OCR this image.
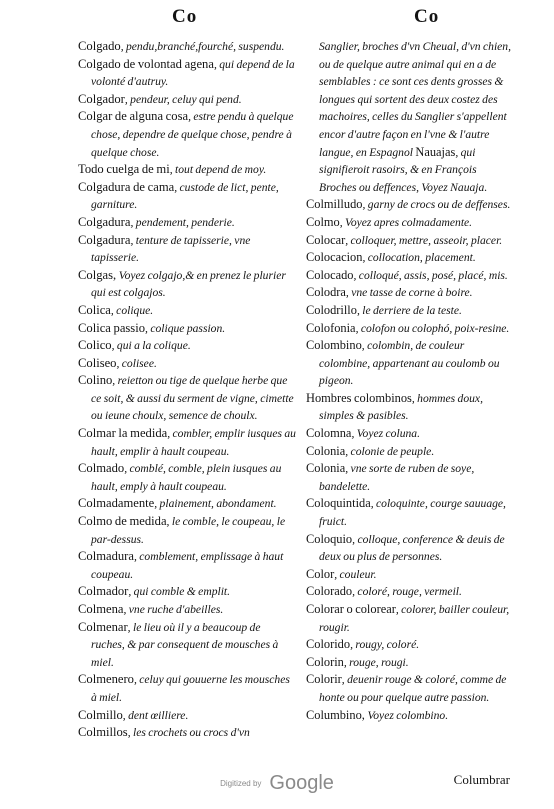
Co	Co

Colgado, pendu,branché,fourché, suspendu.

Colgado de volontad agena, qui depend de la volonté d'autruy.

Colgador, pendeur, celuy qui pend.

Colgar de alguna cosa, estre pendu à quelque chose, dependre de quelque chose, pendre à quelque chose.

Todo cuelga de mi, tout depend de moy.

Colgadura de cama, custode de lict, pente, garniture.

Colgadura, pendement, penderie.

Colgadura, tenture de tapisserie, vne tapisserie.

Colgas, Voyez colgajo,& en prenez le plurier qui est colgajos.

Colica, colique.

Colica passio, colique passion.

Colico, qui a la colique.

Coliseo, colisee.

Colino, reietton ou tige de quelque herbe que ce soit, & aussi du serment de vigne, cimette ou ieune choulx, semence de choulx.

Colmar la medida, combler, emplir iusques au hault, emplir à hault coupeau.

Colmado, comblé, comble, plein iusques au hault, emply à hault coupeau.

Colmadamente, plainement, abondament.

Colmo de medida, le comble, le coupeau, le par-dessus.

Colmadura, comblement, emplissage à haut coupeau.

Colmador, qui comble & emplit.

Colmena, vne ruche d'abeilles.

Colmenar, le lieu où il y a beaucoup de ruches, & par consequent de mousches à miel.

Colmenero, celuy qui gouuerne les mousches à miel.

Colmillo, dent œilliere.

Colmillos, les crochets ou crocs d'vn

Sanglier, broches d'vn Cheual, d'vn chien, ou de quelque autre animal qui en a de semblables : ce sont ces dents grosses & longues qui sortent des deux costez des machoires, celles du Sanglier s'appellent encor d'autre façon en l'vne & l'autre langue, en Espagnol Nauajas, qui signifieroit rasoirs, & en François Broches ou deffences, Voyez Nauaja.

Colmilludo, garny de crocs ou de deffenses.

Colmo, Voyez apres colmadamente.

Colocar, colloquer, mettre, asseoir, placer.

Colocacion, collocation, placement.

Colocado, colloqué, assis, posé, placé, mis.

Colodra, vne tasse de corne à boire.

Colodrillo, le derriere de la teste.

Colofonia, colofon ou colophó, poix-resine.

Colombino, colombin, de couleur colombine, appartenant au coulomb ou pigeon.

Hombres colombinos, hommes doux, simples & pasibles.

Colomna, Voyez coluna.

Colonia, colonie de peuple.

Colonia, vne sorte de ruben de soye, bandelette.

Coloquintida, coloquinte, courge sauuage, fruict.

Coloquio, colloque, conference & deuis de deux ou plus de personnes.

Color, couleur.

Colorado, coloré, rouge, vermeil.

Colorar o colorear, colorer, bailler couleur, rougir.

Colorido, rougy, coloré.

Colorin, rouge, rougi.

Colorir, deuenir rouge & coloré, comme de honte ou pour quelque autre passion.

Columbino, Voyez colombino.

Columbrar
Digitized by Google
